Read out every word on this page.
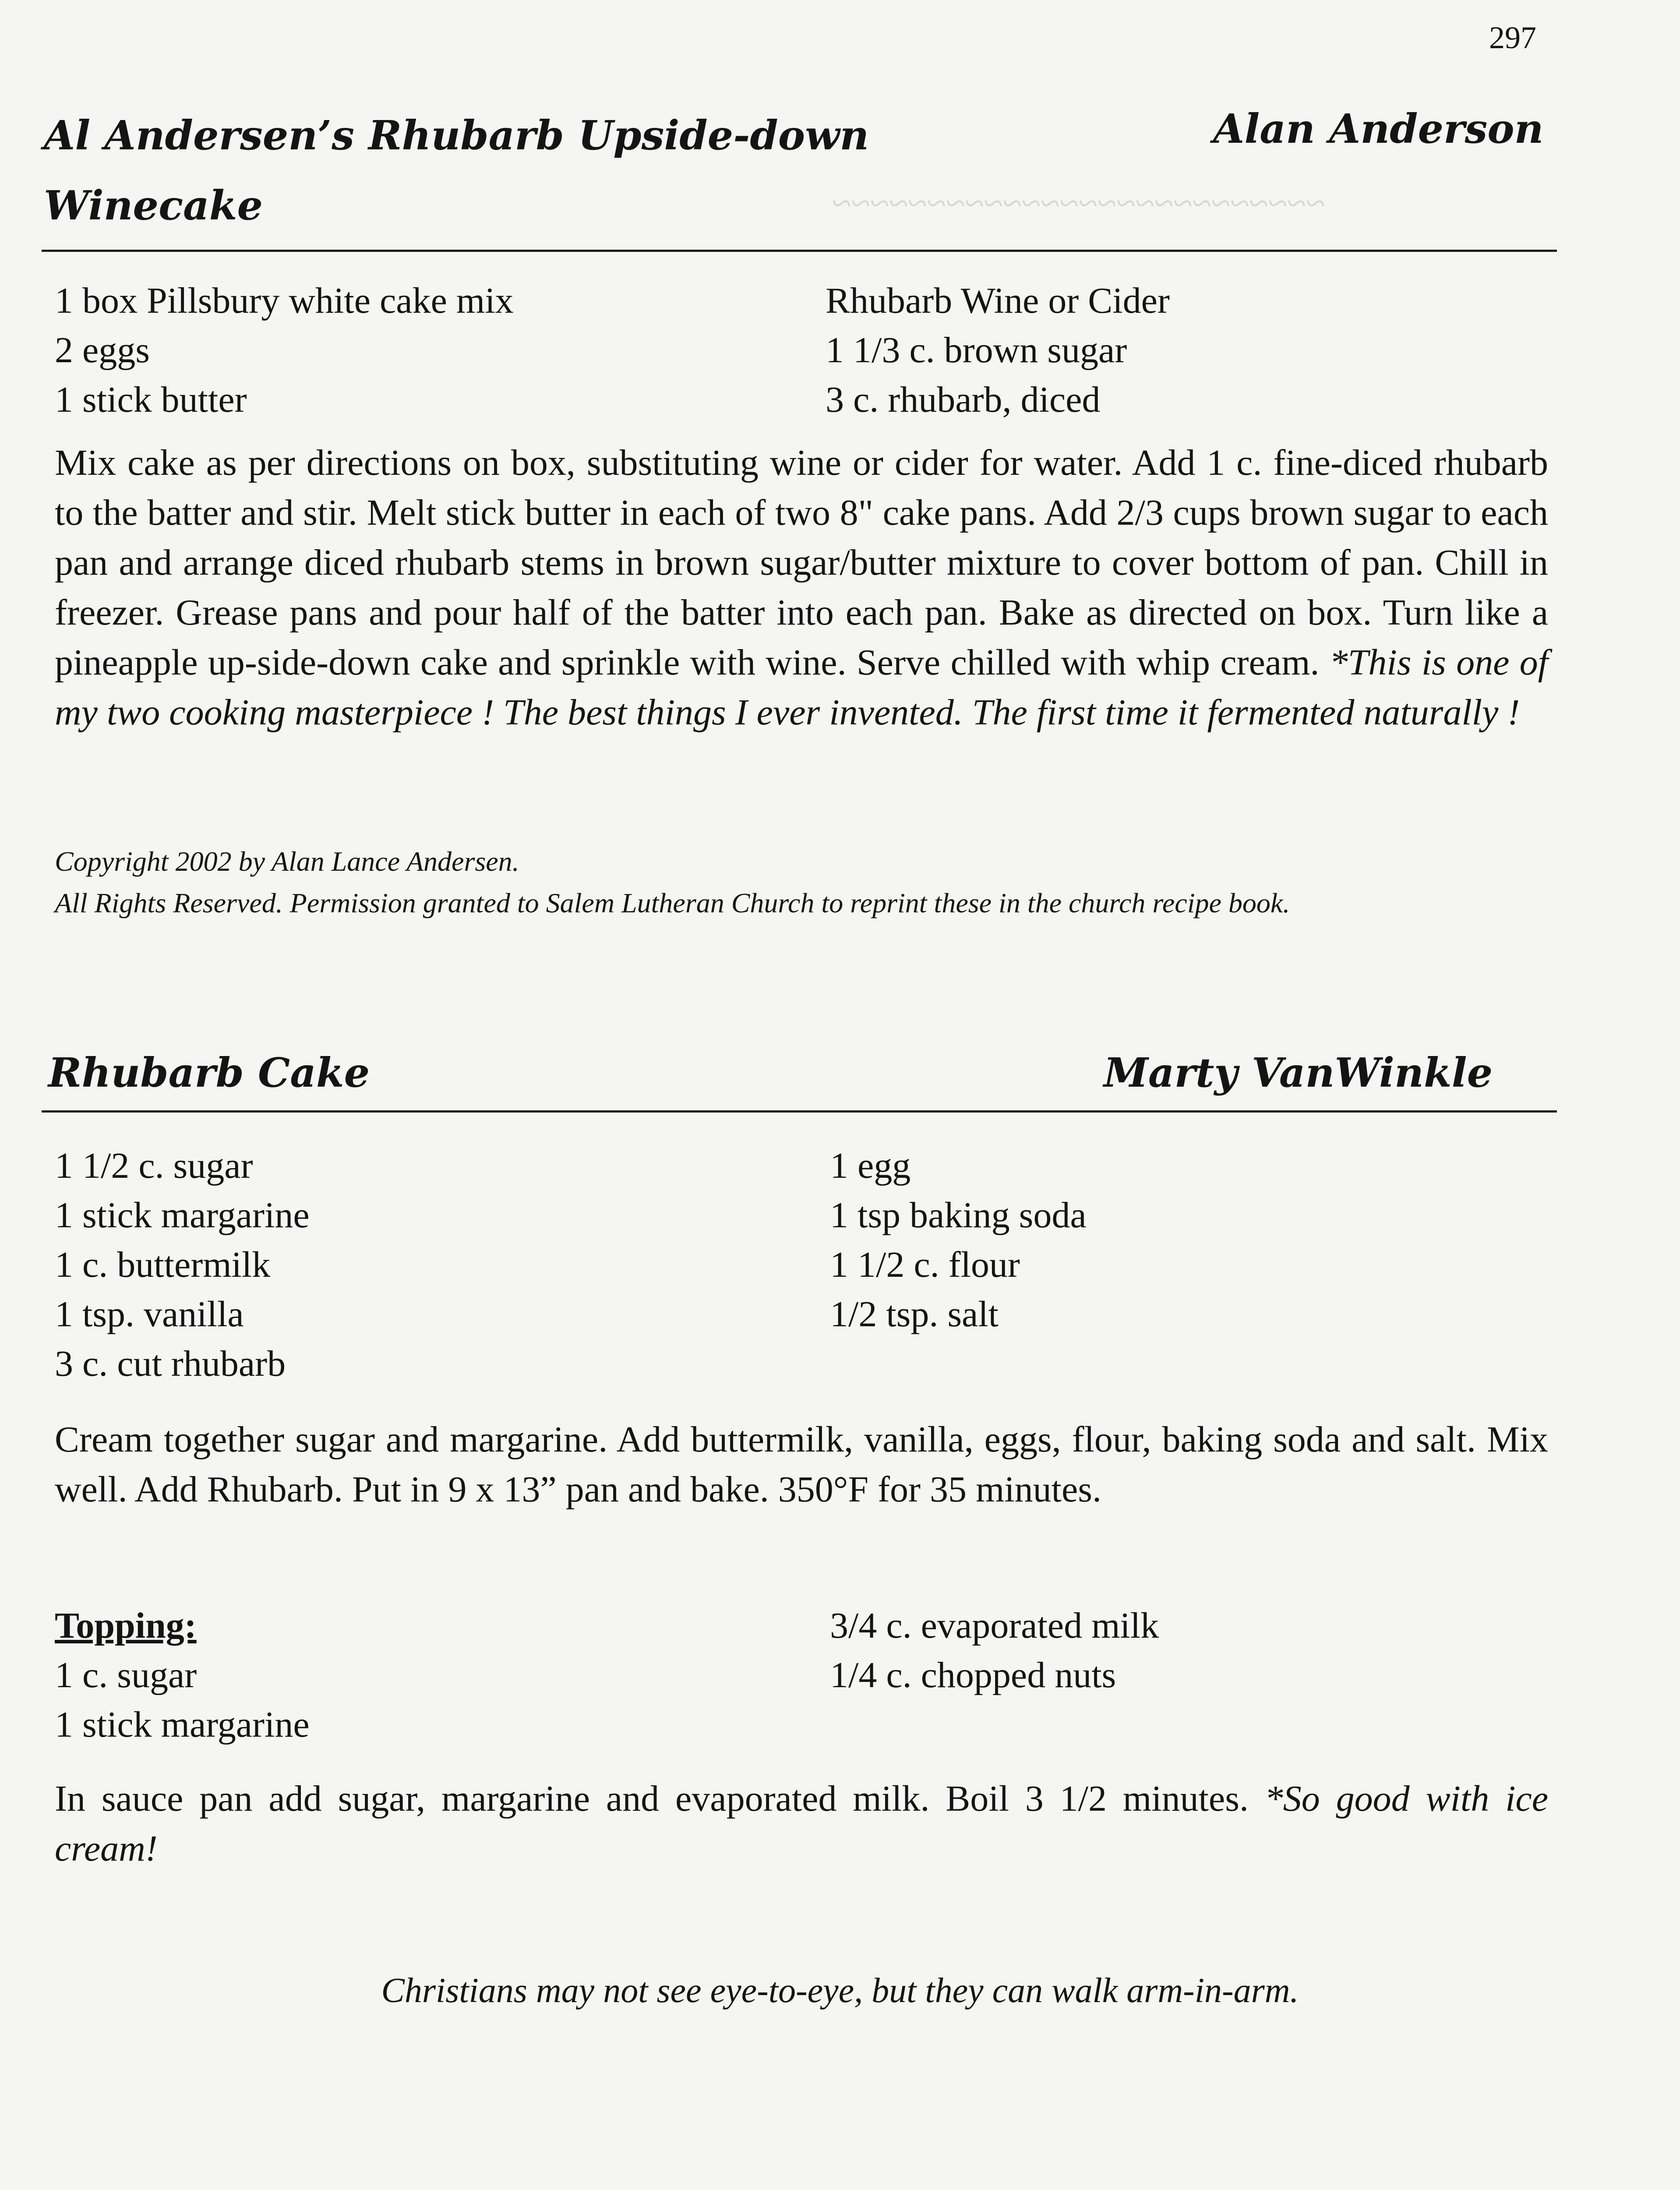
~~~~~~~~~~~~~~~~~~~~~~~~~~
297
Al Andersen’s Rhubarb Upside-down	Alan Anderson
Winecake
1 box Pillsbury white cake mix
2 eggs
1 stick butter
Rhubarb Wine or Cider
1 1/3 c. brown sugar
3 c. rhubarb, diced
Mix cake as per directions on box, substituting wine or cider for water. Add 1 c. fine-diced rhubarb to the batter and stir. Melt stick butter in each of two 8" cake pans. Add 2/3 cups brown sugar to each pan and arrange diced rhubarb stems in brown sugar/butter mixture to cover bottom of pan. Chill in freezer. Grease pans and pour half of the batter into each pan. Bake as directed on box. Turn like a pineapple up-side-down cake and sprinkle with wine. Serve chilled with whip cream. *This is one of my two cooking masterpiece ! The best things I ever invented. The first time it fermented naturally !
Copyright 2002 by Alan Lance Andersen.
All Rights Reserved. Permission granted to Salem Lutheran Church to reprint these in the church recipe book.
Rhubarb Cake	Marty VanWinkle
1 1/2 c. sugar
1 stick margarine
1 c. buttermilk
1 tsp. vanilla
3 c. cut rhubarb
1 egg
1 tsp baking soda
1 1/2 c. flour
1/2 tsp. salt
Cream together sugar and margarine. Add buttermilk, vanilla, eggs, flour, baking soda and salt. Mix well. Add Rhubarb. Put in 9 x 13” pan and bake. 350°F for 35 minutes.
Topping:
1 c. sugar
1 stick margarine
3/4 c. evaporated milk
1/4 c. chopped nuts
In sauce pan add sugar, margarine and evaporated milk. Boil 3 1/2 minutes. *So good with ice cream!
Christians may not see eye-to-eye, but they can walk arm-in-arm.
